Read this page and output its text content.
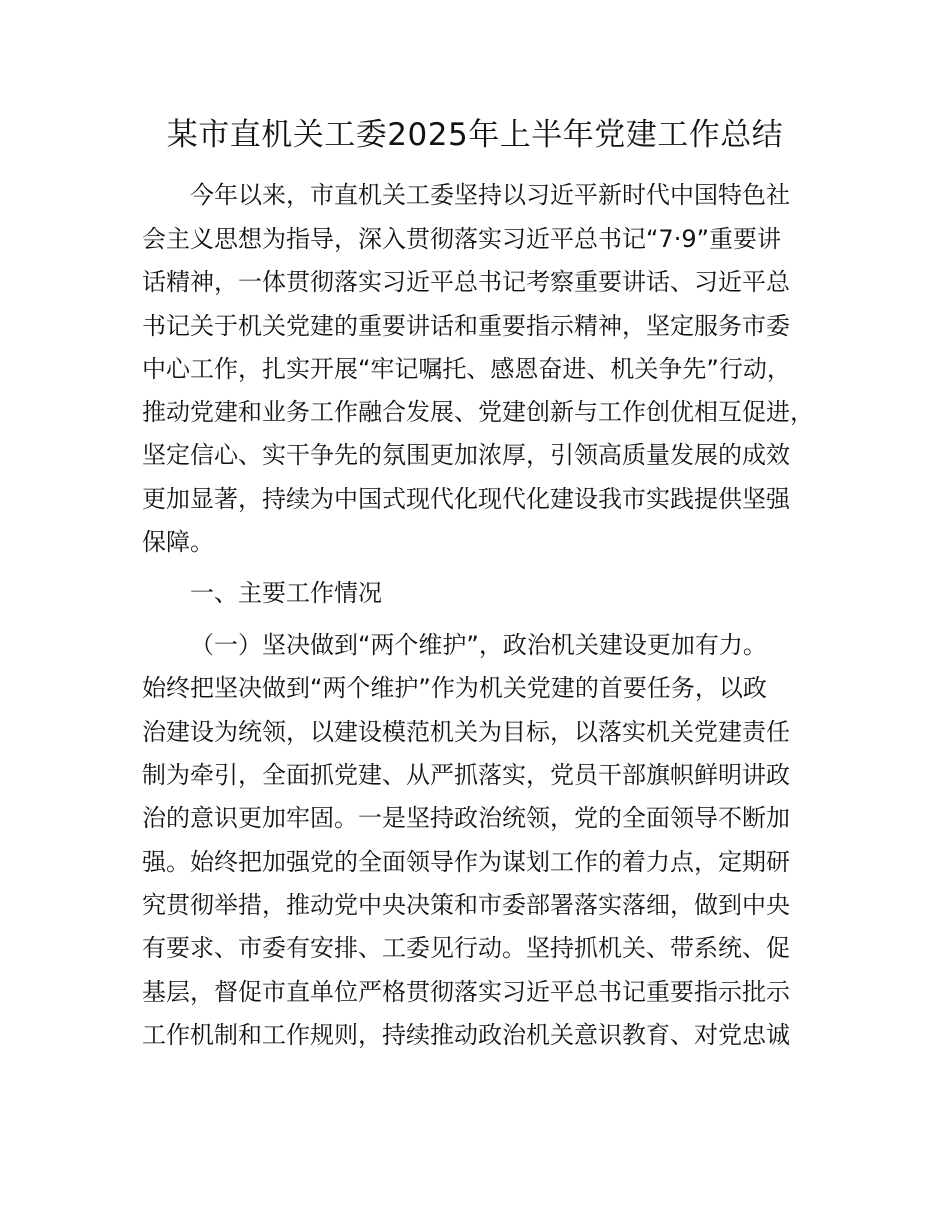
某市直机关工委2025年上半年党建工作总结

今年以来，市直机关工委坚持以习近平新时代中国特色社

会主义思想为指导，深入贯彻落实习近平总书记“7·9”重要讲

话精神，一体贯彻落实习近平总书记考察重要讲话、习近平总

书记关于机关党建的重要讲话和重要指示精神，坚定服务市委

中心工作，扎实开展“牢记嘱托、感恩奋进、机关争先”行动，

推动党建和业务工作融合发展、党建创新与工作创优相互促进，

坚定信心、实干争先的氛围更加浓厚，引领高质量发展的成效

更加显著，持续为中国式现代化现代化建设我市实践提供坚强

保障。

一、主要工作情况

（一）坚决做到“两个维护”，政治机关建设更加有力。

始终把坚决做到“两个维护”作为机关党建的首要任务，以政

治建设为统领，以建设模范机关为目标，以落实机关党建责任

制为牵引，全面抓党建、从严抓落实，党员干部旗帜鲜明讲政

治的意识更加牢固。一是坚持政治统领，党的全面领导不断加

强。始终把加强党的全面领导作为谋划工作的着力点，定期研

究贯彻举措，推动党中央决策和市委部署落实落细，做到中央

有要求、市委有安排、工委见行动。坚持抓机关、带系统、促

基层，督促市直单位严格贯彻落实习近平总书记重要指示批示

工作机制和工作规则，持续推动政治机关意识教育、对党忠诚
